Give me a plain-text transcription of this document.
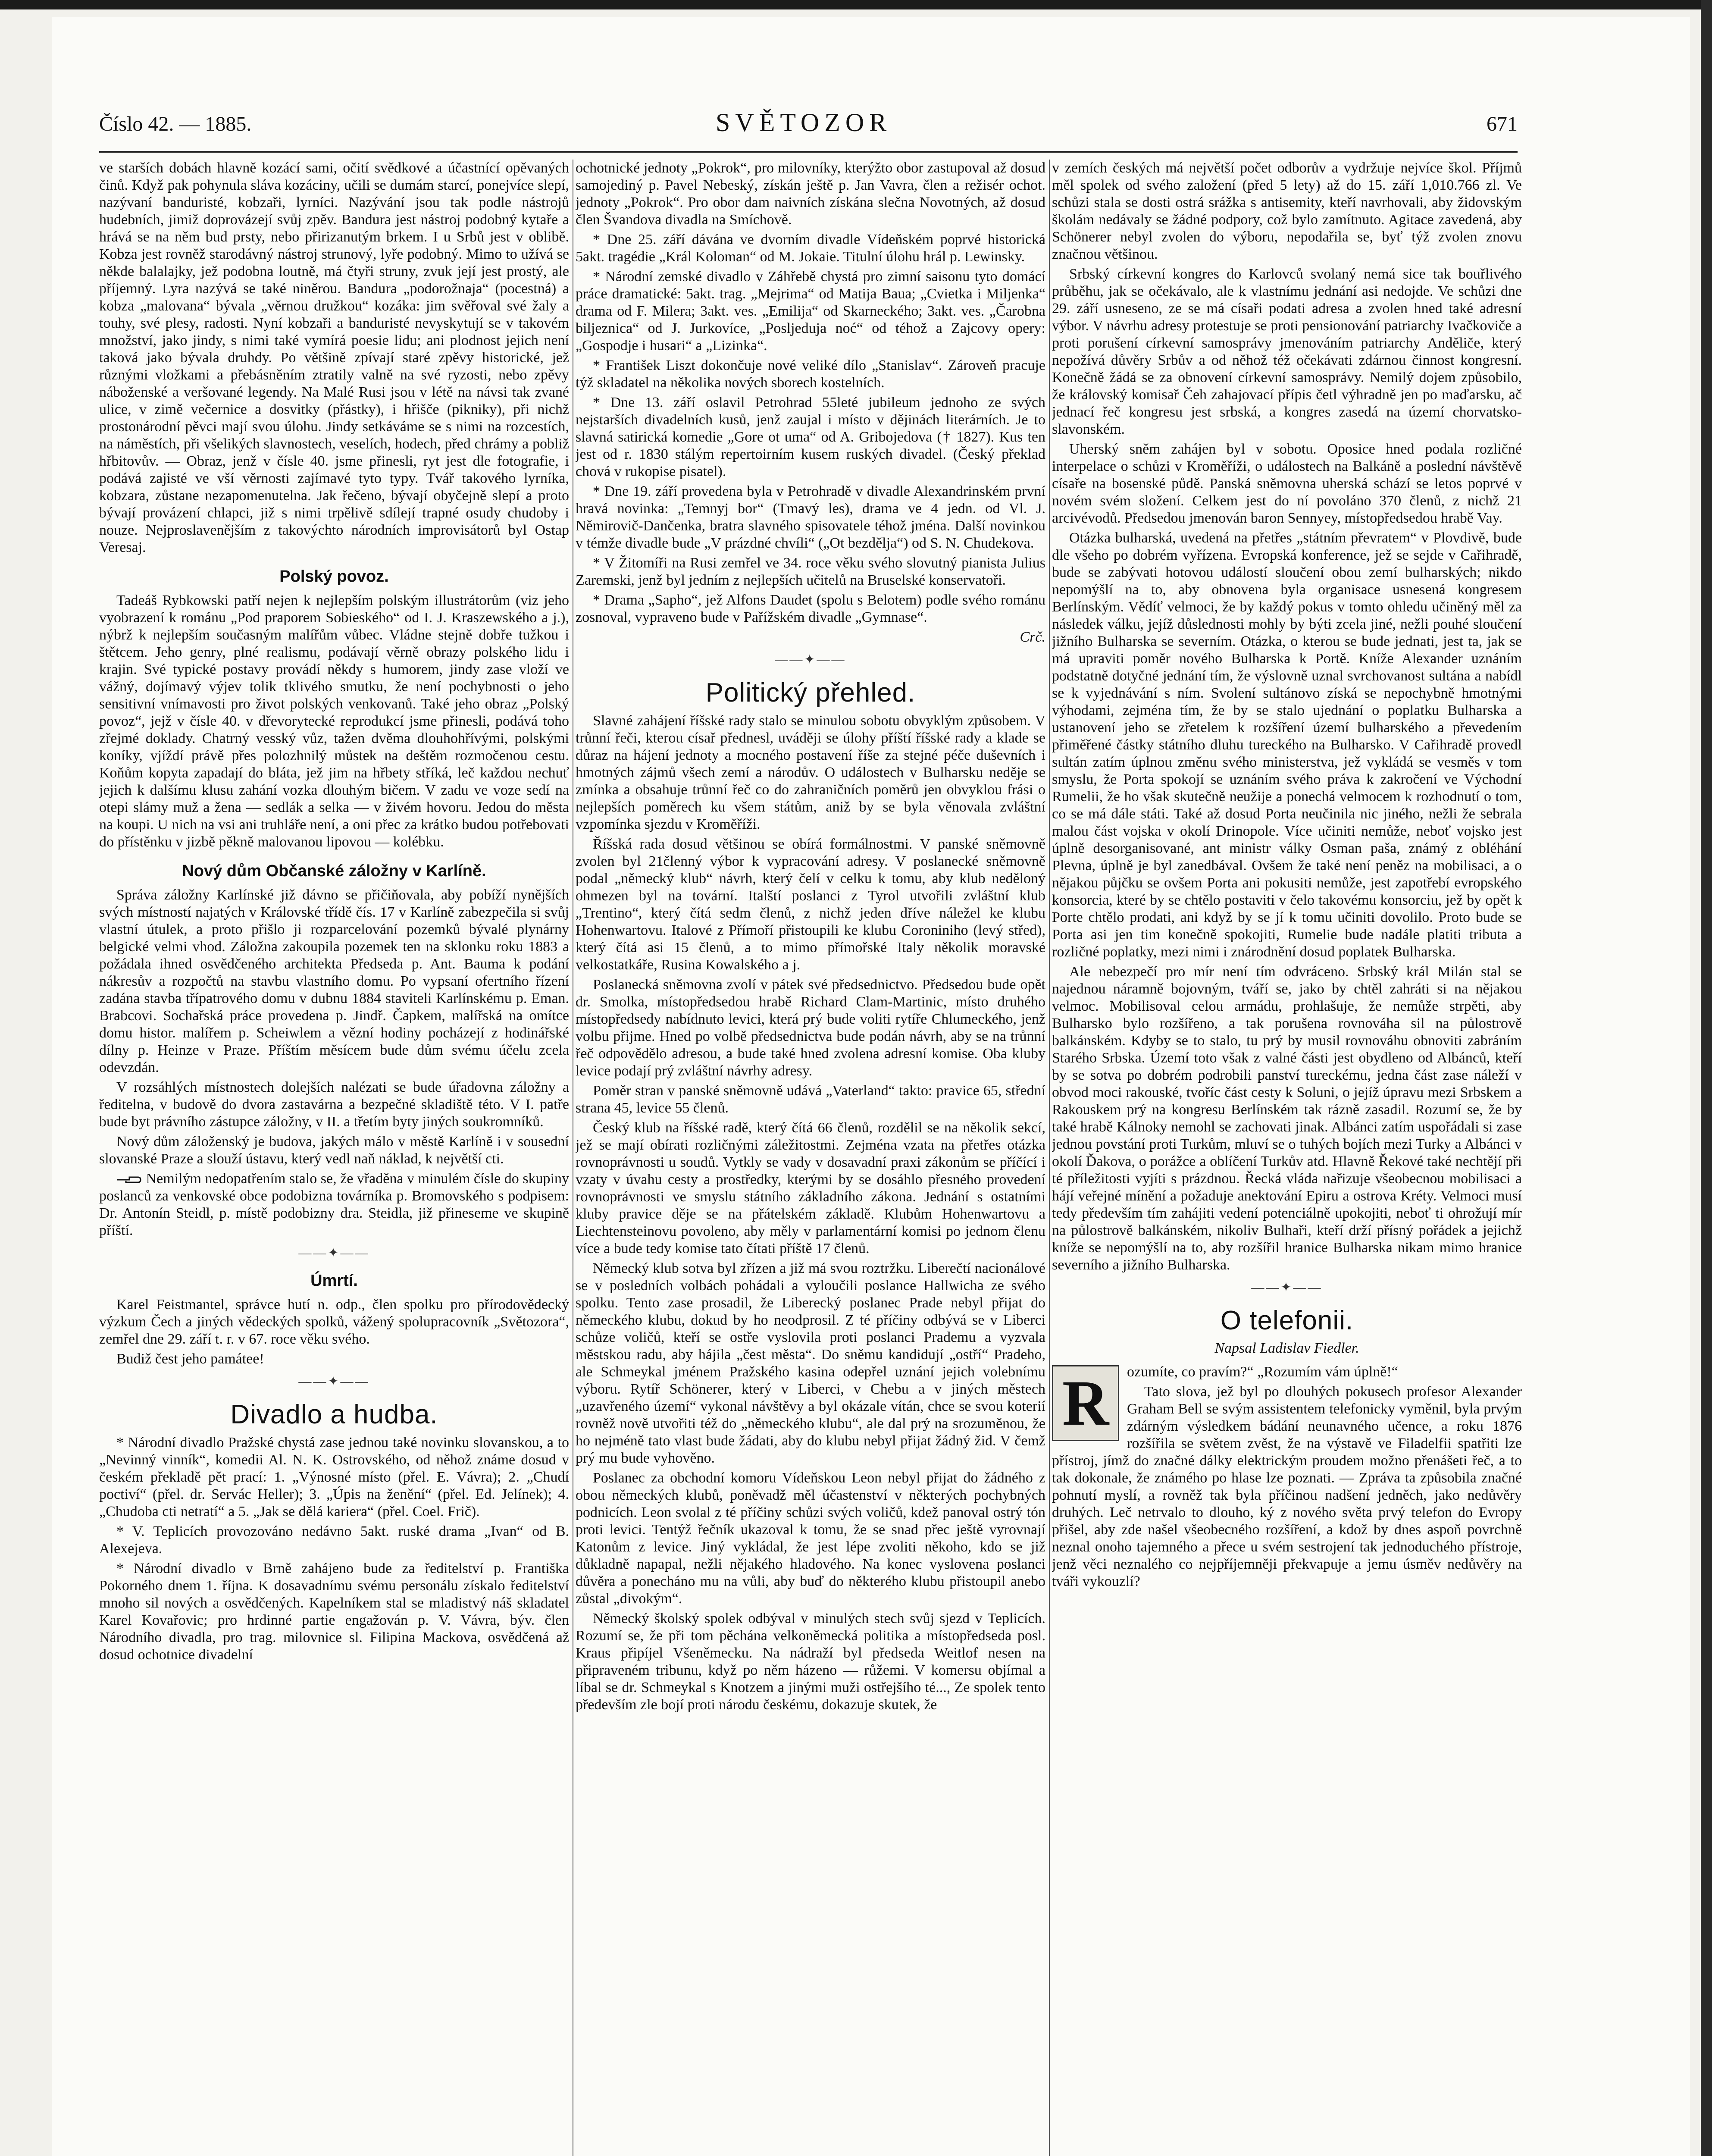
Číslo 42. — 1885.	SVĚTOZOR	671

ve starších dobách hlavně kozácí sami, očití svědkové a účastnící opěvaných činů. Když pak pohynula sláva kozáciny, učili se dumám starcí, ponejvíce slepí, nazývaní banduristé, kobzaři, lyrníci. Nazývání jsou tak podle nástrojů hudebních, jimiž doprovázejí svůj zpěv. Bandura jest nástroj podobný kytaře a hrává se na něm bud prsty, nebo přirizanutým brkem. I u Srbů jest v oblibě. Kobza jest rovněž starodávný nástroj strunový, lyře podobný. Mimo to užívá se někde balalajky, jež podobna loutně, má čtyři struny, zvuk její jest prostý, ale příjemný. Lyra nazývá se také niněrou. Bandura „podorožnaja“ (pocestná) a kobza „malovana“ bývala „věrnou družkou“ kozáka: jim svěřoval své žaly a touhy, své plesy, radosti. Nyní kobzaři a banduristé nevyskytují se v takovém množství, jako jindy, s nimi také vymírá poesie lidu; ani plodnost jejich není taková jako bývala druhdy. Po většině zpívají staré zpěvy historické, jež různými vložkami a přebásněním ztratily valně na své ryzosti, nebo zpěvy náboženské a veršované legendy. Na Malé Rusi jsou v létě na návsi tak zvané ulice, v zimě večernice a dosvitky (přástky), i hřišče (pikniky), při nichž prostonárodní pěvci mají svou úlohu. Jindy setkáváme se s nimi na rozcestích, na náměstích, při všelikých slavnostech, veselích, hodech, před chrámy a pobliž hřbitovův. — Obraz, jenž v čísle 40. jsme přinesli, ryt jest dle fotografie, i podává zajisté ve vší věrnosti zajímavé tyto typy. Tvář takového lyrníka, kobzara, zůstane nezapomenutelna. Jak řečeno, bývají obyčejně slepí a proto bývají provázení chlapci, již s nimi trpělivě sdílejí trapné osudy chudoby i nouze. Nejproslavenějším z takovýchto národních improvisátorů byl Ostap Veresaj.

Polský povoz.

Tadeáš Rybkowski patří nejen k nejlepším polským illustrátorům (viz jeho vyobrazení k románu „Pod praporem Sobieského“ od I. J. Kraszewského a j.), nýbrž k nejlepším současným malířům vůbec. Vládne stejně dobře tužkou i štětcem. Jeho genry, plné realismu, podávají věrně obrazy polského lidu i krajin. Své typické postavy provádí někdy s humorem, jindy zase vloží ve vážný, dojímavý výjev tolik tklivého smutku, že není pochybnosti o jeho sensitivní vnímavosti pro život polských venkovanů. Také jeho obraz „Polský povoz“, jejž v čísle 40. v dřevorytecké reprodukcí jsme přinesli, podává toho zřejmé doklady. Chatrný vesský vůz, tažen dvěma dlouhohřívými, polskými koníky, vjíždí právě přes polozhnilý můstek na deštěm rozmočenou cestu. Koňům kopyta zapadají do bláta, jež jim na hřbety stříká, leč každou nechuť jejich k dalšímu klusu zahání vozka dlouhým bičem. V zadu ve voze sedí na otepi slámy muž a žena — sedlák a selka — v živém hovoru. Jedou do města na koupi. U nich na vsi ani truhláře není, a oni přec za krátko budou potřebovati do přístěnku v jizbě pěkně malovanou lipovou — kolébku.

Nový dům Občanské záložny v Karlíně.

Správa záložny Karlínské již dávno se přičiňovala, aby pobíží nynějších svých místností najatých v Královské třídě čís. 17 v Karlíně zabezpečila si svůj vlastní útulek, a proto přišlo ji rozparcelování pozemků bývalé plynárny belgické velmi vhod. Záložna zakoupila pozemek ten na sklonku roku 1883 a požádala ihned osvědčeného architekta Předseda p. Ant. Bauma k podání nákresův a rozpočtů na stavbu vlastního domu. Po vypsaní ofertního řízení zadána stavba třípatrového domu v dubnu 1884 staviteli Karlínskému p. Eman. Brabcovi. Sochařská práce provedena p. Jindř. Čapkem, malířská na omítce domu histor. malířem p. Scheiwlem a vězní hodiny pocházejí z hodinářské dílny p. Heinze v Praze. Příštím měsícem bude dům svému účelu zcela odevzdán.

V rozsáhlých místnostech dolejších nalézati se bude úřadovna záložny a ředitelna, v budově do dvora zastavárna a bezpečné skladiště této. V I. patře bude byt právního zástupce záložny, v II. a třetím byty jiných soukromníků.

Nový dům záloženský je budova, jakých málo v městě Karlíně i v sousední slovanské Praze a slouží ústavu, který vedl naň náklad, k největší cti.

Nemilým nedopatřením stalo se, že vřaděna v minulém čísle do skupiny poslanců za venkovské obce podobizna továrníka p. Bromovského s podpisem: Dr. Antonín Steidl, p. místě podobizny dra. Steidla, již přineseme ve skupině příští.

——✦——
Úmrtí.

Karel Feistmantel, správce hutí n. odp., člen spolku pro přírodovědecký výzkum Čech a jiných vědeckých spolků, vážený spolupracovník „Světozora“, zemřel dne 29. září t. r. v 67. roce věku svého.

Budiž čest jeho památee!

——✦——
Divadlo a hudba.

* Národní divadlo Pražské chystá zase jednou také novinku slovanskou, a to „Nevinný vinník“, komedii Al. N. K. Ostrovského, od něhož známe dosud v českém překladě pět prací: 1. „Výnosné místo (přel. E. Vávra); 2. „Chudí poctiví“ (přel. dr. Servác Heller); 3. „Úpis na ženění“ (přel. Ed. Jelínek); 4. „Chudoba cti netratí“ a 5. „Jak se dělá kariera“ (přel. Coel. Frič).

* V. Teplicích provozováno nedávno 5akt. ruské drama „Ivan“ od B. Alexejeva.

* Národní divadlo v Brně zahájeno bude za ředitelství p. Františka Pokorného dnem 1. října. K dosavadnímu svému personálu získalo ředitelství mnoho sil nových a osvědčených. Kapelníkem stal se mladistvý náš skladatel Karel Kovařovic; pro hrdinné partie engažován p. V. Vávra, býv. člen Národního divadla, pro trag. milovnice sl. Filipina Mackova, osvědčená až dosud ochotnice divadelní

ochotnické jednoty „Pokrok“, pro milovníky, kterýžto obor zastupoval až dosud samojediný p. Pavel Nebeský, získán ještě p. Jan Vavra, člen a režisér ochot. jednoty „Pokrok“. Pro obor dam naivních získána slečna Novotných, až dosud člen Švandova divadla na Smíchově.

* Dne 25. září dávána ve dvorním divadle Vídeňském poprvé historická 5akt. tragédie „Král Koloman“ od M. Jokaie. Titulní úlohu hrál p. Lewinsky.

* Národní zemské divadlo v Záhřebě chystá pro zimní saisonu tyto domácí práce dramatické: 5akt. trag. „Mejrima“ od Matija Baua; „Cvietka i Miljenka“ drama od F. Milera; 3akt. ves. „Emilija“ od Skarneckého; 3akt. ves. „Čarobna biljeznica“ od J. Jurkovíce, „Posljeduja noć“ od téhož a Zajcovy opery: „Gospodje i husari“ a „Lizinka“.

* František Liszt dokončuje nové veliké dílo „Stanislav“. Zároveň pracuje týž skladatel na několika nových sborech kostelních.

* Dne 13. září oslavil Petrohrad 55leté jubileum jednoho ze svých nejstarších divadelních kusů, jenž zaujal i místo v dějinách literárních. Je to slavná satirická komedie „Gore ot uma“ od A. Gribojedova († 1827). Kus ten jest od r. 1830 stálým repertoirním kusem ruských divadel. (Český překlad chová v rukopise pisatel).

* Dne 19. září provedena byla v Petrohradě v divadle Alexandrinském první hravá novinka: „Temnyj bor“ (Tmavý les), drama ve 4 jedn. od Vl. J. Němirovič-Dančenka, bratra slavného spisovatele téhož jména. Další novinkou v témže divadle bude „V prázdné chvíli“ („Ot bezdělja“) od S. N. Chudekova.

* V Žitomíři na Rusi zemřel ve 34. roce věku svého slovutný pianista Julius Zaremski, jenž byl jedním z nejlepších učitelů na Bruselské konservatoři.

* Drama „Sapho“, jež Alfons Daudet (spolu s Belotem) podle svého románu zosnoval, vypraveno bude v Pařížském divadle „Gymnase“.

Crč.

——✦——
Politický přehled.

Slavné zahájení říšské rady stalo se minulou sobotu obvyklým způsobem. V trůnní řeči, kterou císař přednesl, uváději se úlohy příští říšské rady a klade se důraz na hájení jednoty a mocného postavení říše za stejné péče duševních i hmotných zájmů všech zemí a národův. O událostech v Bulharsku nedějе se zmínka a obsahuje trůnní řeč co do zahraničních poměrů jen obvyklou frási o nejlepších poměrech ku všem státům, aniž by se byla věnovala zvláštní vzpomínka sjezdu v Kroměříži.

Říšská rada dosud většinou se obírá formálnostmi. V panské sněmovně zvolen byl 21členný výbor k vypracování adresy. V poslanecké sněmovně podal „německý klub“ návrh, který čelí v celku k tomu, aby klub neděloný ohmezen byl na tovární. Italští poslanci z Tyrol utvořili zvláštní klub „Trentino“, který čítá sedm členů, z nichž jeden dříve náležel ke klubu Hohenwartovu. Italové z Přímoří přistoupili ke klubu Coroniniho (levý střed), který čítá asi 15 členů, a to mimo přímořské Italy několik moravské velkostatkáře, Rusina Kowalského a j.

Poslanecká sněmovna zvolí v pátek své předsednictvo. Předsedou bude opět dr. Smolka, místopředsedou hrabě Richard Clam-Martinic, místo druhého místopředsedy nabídnuto levici, která prý bude voliti rytíře Chlumeckého, jenž volbu přijme. Hned po volbě předsednictva bude podán návrh, aby se na trůnní řeč odpovědělo adresou, a bude také hned zvolena adresní komise. Oba kluby levice podají prý zvláštní návrhy adresy.

Poměr stran v panské sněmovně udává „Vaterland“ takto: pravice 65, střední strana 45, levice 55 členů.

Český klub na říšské radě, který čítá 66 členů, rozdělil se na několik sekcí, jež se mají obírati rozličnými záležitostmi. Zejména vzata na přetřes otázka rovnoprávnosti u soudů. Vytkly se vady v dosavadní praxi zákonům se příčící i vzaty v úvahu cesty a prostředky, kterými by se dosáhlo přesného provedení rovnoprávnosti ve smyslu státního základního zákona. Jednání s ostatními kluby pravice děje se na přátelském základě. Klubům Hohenwartovu a Liechtensteinovu povoleno, aby měly v parlamentární komisi po jednom členu více a bude tedy komise tato čítati příště 17 členů.

Německý klub sotva byl zřízen a již má svou roztržku. Liberečtí nacionálové se v posledních volbách pohádali a vyloučili poslance Hallwicha ze svého spolku. Tento zase prosadil, že Liberecký poslanec Prade nebyl přijat do německého klubu, dokud by ho neodprosil. Z té příčiny odbývá se v Liberci schůze voličů, kteří se ostře vyslovila proti poslanci Prademu a vyzvala městskou radu, aby hájila „čest města“. Do sněmu kandidují „ostří“ Pradeho, ale Schmeykal jménem Pražského kasina odepřel uznání jejich volebnímu výboru. Rytíř Schönerer, který v Liberci, v Chebu a v jiných městech „uzavřeného území“ vykonal návštěvy a byl okázale vítán, chce se svou koterií rovněž nově utvořiti též do „německého klubu“, ale dal prý na srozuměnou, že ho nejméně tato vlast bude žádati, aby do klubu nebyl přijat žádný žid. V čemž prý mu bude vyhověno.

Poslanec za obchodní komoru Vídeňskou Leon nebyl přijat do žádného z obou německých klubů, poněvadž měl účastenství v některých pochybných podnicích. Leon svolal z té příčiny schůzi svých voličů, kdež panoval ostrý tón proti levici. Tentýž řečník ukazoval k tomu, že se snad přec ještě vyrovnají Katonům z levice. Jiný vykládal, že jest lépe zvoliti někoho, kdo se již důkladně napapal, nežli nějakého hladového. Na konec vyslovena poslanci důvěra a ponecháno mu na vůli, aby buď do některého klubu přistoupil anebo zůstal „divokým“.

Německý školský spolek odbýval v minulých stech svůj sjezd v Teplicích. Rozumí se, že při tom pěchána velkoněmecká politika a místopředseda posl. Kraus připíjel Všeněmecku. Na nádraží byl předseda Weitlof nesen na připraveném tribunu, když po něm házeno — růžemi. V komersu objímal a líbal se dr. Schmeykal s Knotzem a jinými muži ostřejšího té..., Ze spolek tento především zle bojí proti národu českému, dokazuje skutek, že

v zemích českých má největší počet odborův a vydržuje nejvíce škol. Příjmů měl spolek od svého založení (před 5 lety) až do 15. září 1,010.766 zl. Ve schůzi stala se dosti ostrá srážka s antisemity, kteří navrhovali, aby židovským školám nedávaly se žádné podpory, což bylo zamítnuto. Agitace zavedená, aby Schönerer nebyl zvolen do výboru, nepodařila se, byť týž zvolen znovu značnou většinou.

Srbský církevní kongres do Karlovců svolaný nemá sice tak bouřlivého průběhu, jak se očekávalo, ale k vlastnímu jednání asi nedojde. Ve schůzi dne 29. září usneseno, ze se má císaři podati adresa a zvolen hned také adresní výbor. V návrhu adresy protestuje se proti pensionování patriarchy Ivačkoviče a proti porušení církevní samosprávy jmenováním patriarchy Anděliče, který nepožívá důvěry Srbův a od něhož též očekávati zdárnou činnost kongresní. Konečně žádá se za obnovení církevní samosprávy. Nemilý dojem způsobilo, že královský komisař Čeh zahajovací přípis četl výhradně jen po maďarsku, ač jednací řeč kongresu jest srbská, a kongres zasedá na území chorvatsko-slavonském.

Uherský sněm zahájen byl v sobotu. Oposice hned podala rozličné interpelace o schůzi v Kroměříži, o událostech na Balkáně a poslední návštěvě císaře na bosenské půdě. Panská sněmovna uherská schází se letos poprvé v novém svém složení. Celkem jest do ní povoláno 370 členů, z nichž 21 arcivévodů. Předsedou jmenován baron Sennyey, místopředsedou hrabě Vay.

Otázka bulharská, uvedená na přetřes „státním převratem“ v Plovdivě, bude dle všeho po dobrém vyřízena. Evropská konference, jež se sejde v Cařihradě, bude se zabývati hotovou událostí sloučení obou zemí bulharských; nikdo nepomýšlí na to, aby obnovena byla organisace usnesená kongresem Berlínským. Vědíť velmoci, že by každý pokus v tomto ohledu učiněný měl za následek válku, jejíž důslednosti mohly by býti zcela jiné, nežli pouhé sloučení jižního Bulharska se severním. Otázka, o kterou se bude jednati, jest ta, jak se má upraviti poměr nového Bulharska k Portě. Kníže Alexander uznáním podstatně dotyčné jednání tím, že výslovně uznal svrchovanost sultána a nabídl se k vyjednávání s ním. Svolení sultánovo získá se nepochybně hmotnými výhodami, zejména tím, že by se stalo ujednání o poplatku Bulharska a ustanovení jeho se zřetelem k rozšíření území bulharského a převedením přiměřené částky státního dluhu tureckého na Bulharsko. V Cařihradě provedl sultán zatím úplnou změnu svého ministerstva, jež vykládá se vesměs v tom smyslu, že Porta spokojí se uznáním svého práva k zakročení ve Východní Rumelii, že ho však skutečně neužije a ponechá velmocem k rozhodnutí o tom, co se má dále státi. Také až dosud Porta neučinila nic jiného, nežli že sebrala malou část vojska v okolí Drinopole. Více učiniti nemůže, neboť vojsko jest úplně desorganisované, ant ministr války Osman paša, známý z obléhání Plevna, úplně je byl zanedbával. Ovšem že také není peněz na mobilisaci, a o nějakou půjčku se ovšem Porta ani pokusiti nemůže, jest zapotřebí evropského konsorcia, které by se chtělo postaviti v čelo takovému konsorciu, jež by opět k Porte chtělo prodati, ani když by se jí k tomu učiniti dovolilo. Proto bude se Porta asi jen tim konečně spokojiti, Rumelie bude nadále platiti tributa a rozličné poplatky, mezi nimi i znárodnění dosud poplatek Bulharska.

Ale nebezpečí pro mír není tím odvráceno. Srbský král Milán stal se najednou náramně bojovným, tváří se, jako by chtěl zahráti si na nějakou velmoc. Mobilisoval celou armádu, prohlašuje, že nemůže strpěti, aby Bulharsko bylo rozšířeno, a tak porušena rovnováha sil na půlostrově balkánském. Kdyby se to stalo, tu prý by musil rovnováhu obnoviti zabráním Starého Srbska. Území toto však z valné části jest obydleno od Albánců, kteří by se sotva po dobrém podrobili panství tureckému, jedna část zase náleží v obvod moci rakouské, tvoříc část cesty k Soluni, o jejíž úpravu mezi Srbskem a Rakouskem prý na kongresu Berlínském tak rázně zasadil. Rozumí se, že by také hrabě Kálnoky nemohl se zachovati jinak. Albánci zatím uspořádali si zase jednou povstání proti Turkům, mluví se o tuhých bojích mezi Turky a Albánci v okolí Ďakova, o porážce a oblíčení Turkův atd. Hlavně Řekové také nechtějí při té příležitosti vyjíti s prázdnou. Řecká vláda nařizuje všeobecnou mobilisaci a hájí veřejné mínění a požaduje anektování Epiru a ostrova Kréty. Velmoci musí tedy především tím zahájiti vedení potenciálně upokojiti, neboť ti ohrožují mír na půlostrově balkánském, nikoliv Bulhaři, kteří drží přísný pořádek a jejichž kníže se nepomýšlí na to, aby rozšířil hranice Bulharska nikam mimo hranice severního a jižního Bulharska.

——✦——
O telefonii.
Napsal Ladislav Fiedler.
R	ozumíte, co pravím?“ „Rozumím vám úplně!“

Tato slova, jež byl po dlouhých pokusech profesor Alexander Graham Bell se svým assistentem telefonicky vyměnil, byla prvým zdárným výsledkem bádání neunavného učence, a roku 1876 rozšířila se světem zvěst, že na výstavě ve Filadelfii spatřiti lze přístroj, jímž do značné dálky elektrickým proudem možno přenášeti řeč, a to tak dokonale, že známého po hlase lze poznati. — Zpráva ta způsobila značné pohnutí myslí, a rovněž tak byla příčinou nadšení jedněch, jako nedůvěry druhých. Leč netrvalo to dlouho, ký z nového světa prvý telefon do Evropy přišel, aby zde našel všeobecného rozšíření, a kdož by dnes aspoň povrchně neznal onoho tajemného a přece u svém sestrojení tak jednoduchého přístroje, jenž věci neznalého co nejpříjemněji překvapuje a jemu úsměv nedůvěry na tváři vykouzlí?
